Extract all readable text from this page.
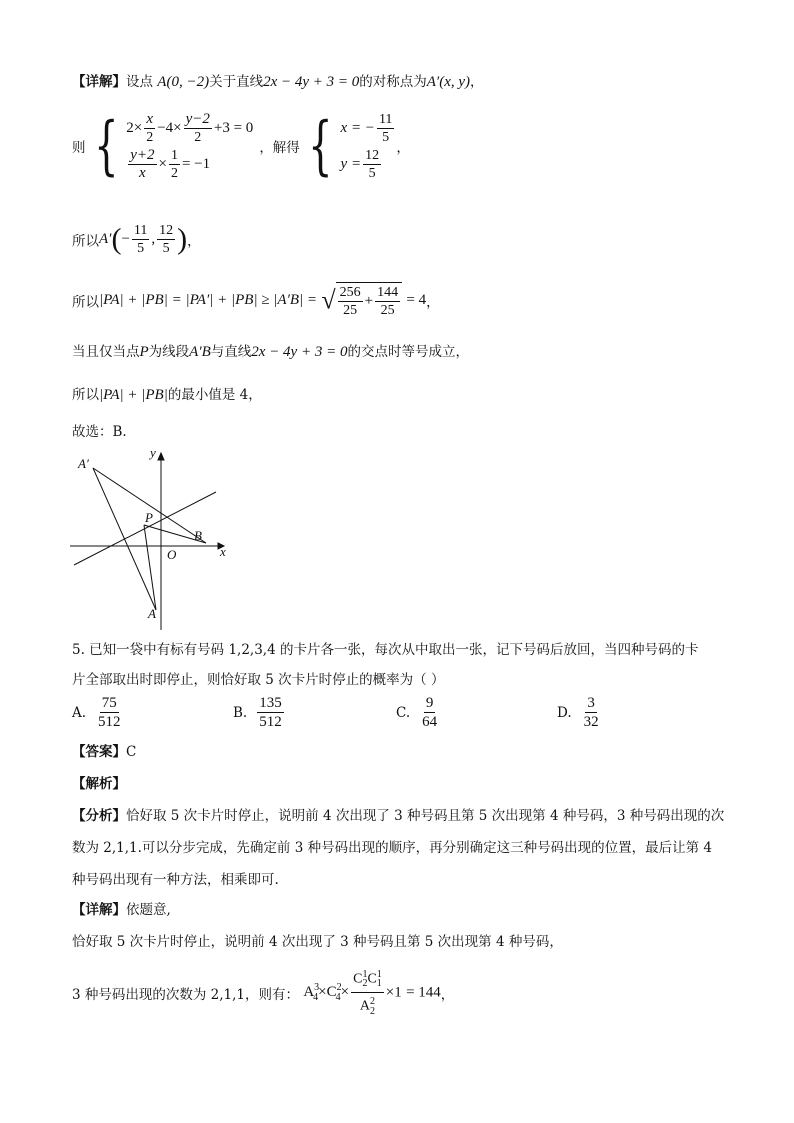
【详解】设点 A(0, −2)关于直线2x − 4y + 3 = 0的对称点为A′(x, y)，
则 { $2\times \frac{x}{2} -4\times \frac{y-2}{2} +3 = 0$
$\frac{y+2}{x} \times \frac{1}{2} = -1$
，解得 { x = − $\frac{11}{5}$
$y = \frac{12}{5}$ ，
所以$A'(- \frac{11}{5}$ , $\frac{12}{5}$ )，
所以|PA| + |PB| = |PA′| + |PB| ≥ |A′B| = √ $\frac{256}{25} + \frac{144}{25} = 4$，
当且仅当点P为线段A′B与直线2x − 4y + 3 = 0的交点时等号成立，
所以|PA| + |PB|的最小值是 4，
故选：B.
A′
y
P
B
O	x
A
5. 已知一袋中有标有号码 1,2,3,4 的卡片各一张，每次从中取出一张，记下号码后放回，当四种号码的卡
片全部取出时即停止，则恰好取 5 次卡片时停止的概率为（ ）
A. $\frac{75}{512}$	B. $\frac{135}{512}$	C. $\frac{9}{64}$	D. $\frac{3}{32}$
【答案】C
【解析】
【分析】恰好取 5 次卡片时停止，说明前 4 次出现了 3 种号码且第 5 次出现第 4 种号码，3 种号码出现的次
数为 2,1,1.可以分步完成，先确定前 3 种号码出现的顺序，再分别确定这三种号码出现的位置，最后让第 4
种号码出现有一种方法，相乘即可.
【详解】依题意,
恰好取 5 次卡片时停止，说明前 4 次出现了 3 种号码且第 5 次出现第 4 种号码，
3 种号码出现的次数为 2,1,1，则有： $A^3_4\times C^2_4\times \frac{C^1_2C^1_1}{A^2_2} \times 1 = 144$，
